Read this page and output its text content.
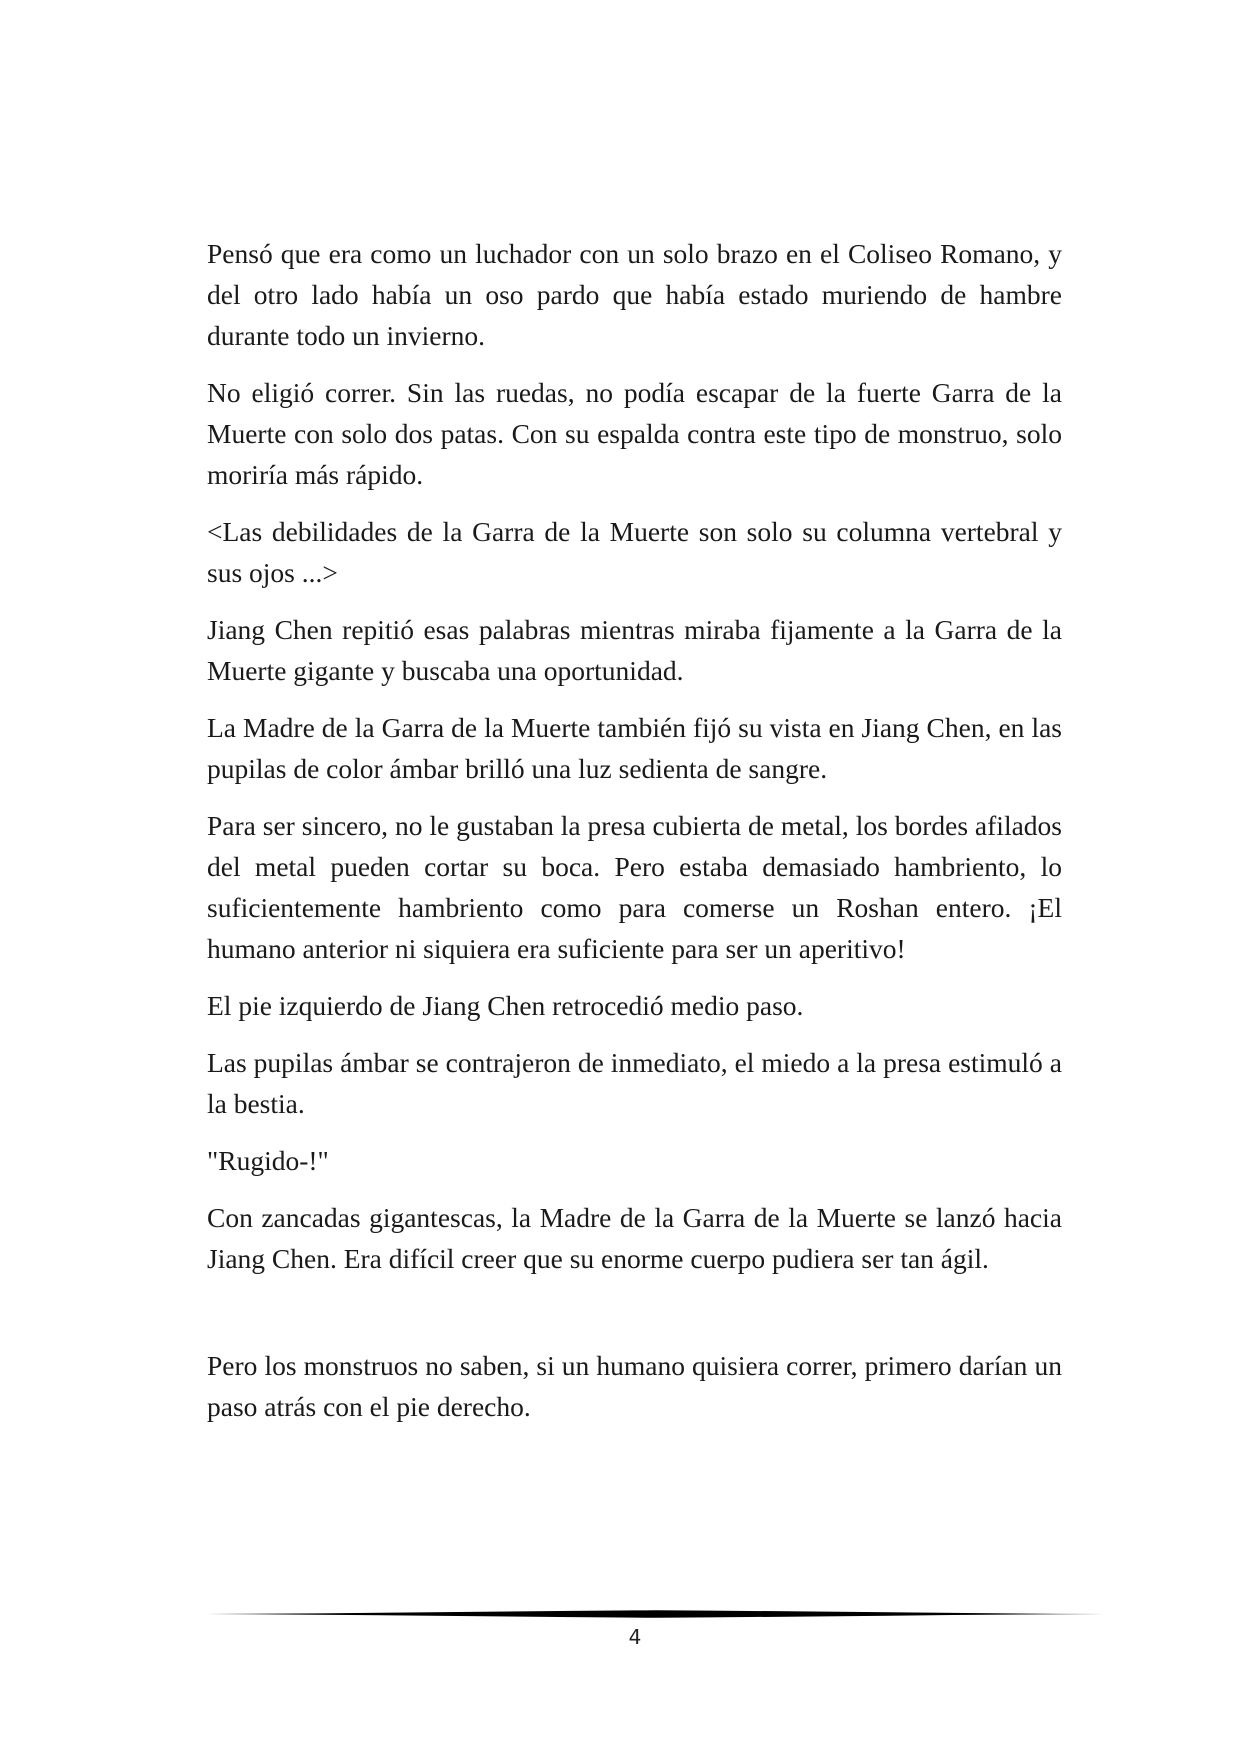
Pensó que era como un luchador con un solo brazo en el Coliseo Romano, y del otro lado había un oso pardo que había estado muriendo de hambre durante todo un invierno.

No eligió correr. Sin las ruedas, no podía escapar de la fuerte Garra de la Muerte con solo dos patas. Con su espalda contra este tipo de monstruo, solo moriría más rápido.

<Las debilidades de la Garra de la Muerte son solo su columna vertebral y sus ojos ...>

Jiang Chen repitió esas palabras mientras miraba fijamente a la Garra de la Muerte gigante y buscaba una oportunidad.

La Madre de la Garra de la Muerte también fijó su vista en Jiang Chen, en las pupilas de color ámbar brilló una luz sedienta de sangre.

Para ser sincero, no le gustaban la presa cubierta de metal, los bordes afilados del metal pueden cortar su boca. Pero estaba demasiado hambriento, lo suficientemente hambriento como para comerse un Roshan entero. ¡El humano anterior ni siquiera era suficiente para ser un aperitivo!

El pie izquierdo de Jiang Chen retrocedió medio paso.

Las pupilas ámbar se contrajeron de inmediato, el miedo a la presa estimuló a la bestia.

"Rugido-!"

Con zancadas gigantescas, la Madre de la Garra de la Muerte se lanzó hacia Jiang Chen. Era difícil creer que su enorme cuerpo pudiera ser tan ágil.

Pero los monstruos no saben, si un humano quisiera correr, primero darían un paso atrás con el pie derecho.

4
